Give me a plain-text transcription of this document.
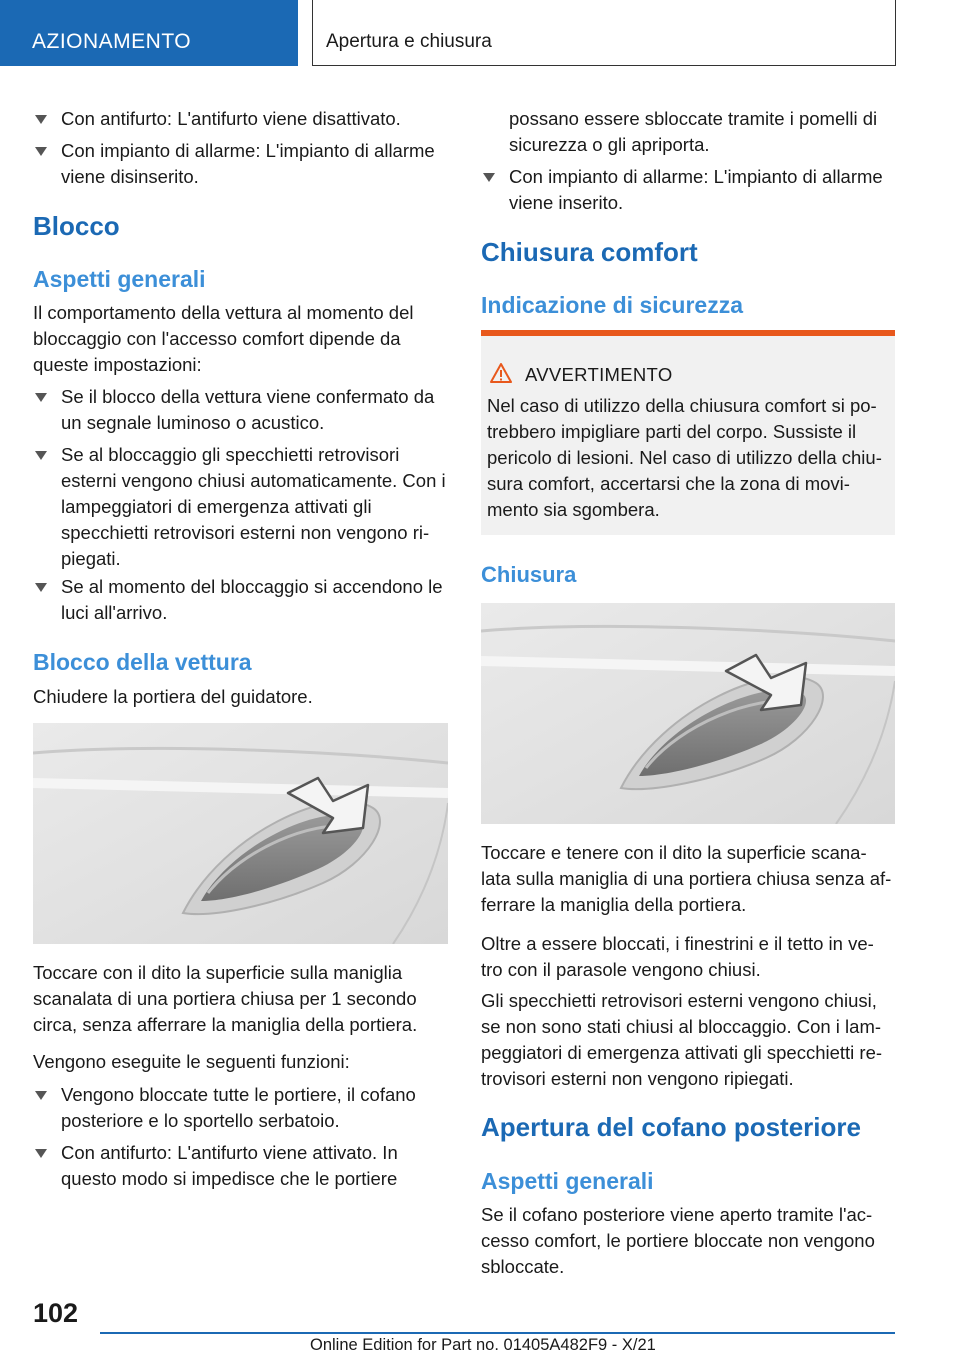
AZIONAMENTO	Apertura e chiusura
Con antifurto: L'antifurto viene disattivato.
Con impianto di allarme: L'impianto di allarme viene disinserito.
Blocco
Aspetti generali
Il comportamento della vettura al momento del bloccaggio con l'accesso comfort dipende da queste impostazioni:
Se il blocco della vettura viene confermato da un segnale luminoso o acustico.
Se al bloccaggio gli specchietti retrovisori esterni vengono chiusi automaticamente. Con i lampeggiatori di emergenza attivati gli specchietti retrovisori esterni non vengono ri-piegati.
Se al momento del bloccaggio si accendono le luci all'arrivo.
Blocco della vettura
Chiudere la portiera del guidatore.
Toccare con il dito la superficie sulla maniglia scanalata di una portiera chiusa per 1 secondo circa, senza afferrare la maniglia della portiera.
Vengono eseguite le seguenti funzioni:
Vengono bloccate tutte le portiere, il cofano posteriore e lo sportello serbatoio.
Con antifurto: L'antifurto viene attivato. In questo modo si impedisce che le portiere
possano essere sbloccate tramite i pomelli di sicurezza o gli apriporta.
Con impianto di allarme: L'impianto di allarme viene inserito.
Chiusura comfort
Indicazione di sicurezza
AVVERTIMENTO
Nel caso di utilizzo della chiusura comfort si po-trebbero impigliare parti del corpo. Sussiste il pericolo di lesioni. Nel caso di utilizzo della chiu-sura comfort, accertarsi che la zona di movi-mento sia sgombera.
Chiusura
Toccare e tenere con il dito la superficie scana-lata sulla maniglia di una portiera chiusa senza af-ferrare la maniglia della portiera.
Oltre a essere bloccati, i finestrini e il tetto in ve-tro con il parasole vengono chiusi.
Gli specchietti retrovisori esterni vengono chiusi, se non sono stati chiusi al bloccaggio. Con i lam-peggiatori di emergenza attivati gli specchietti re-trovisori esterni non vengono ripiegati.
Apertura del cofano posteriore
Aspetti generali
Se il cofano posteriore viene aperto tramite l'ac-cesso comfort, le portiere bloccate non vengono sbloccate.
102
Online Edition for Part no. 01405A482F9 - X/21
